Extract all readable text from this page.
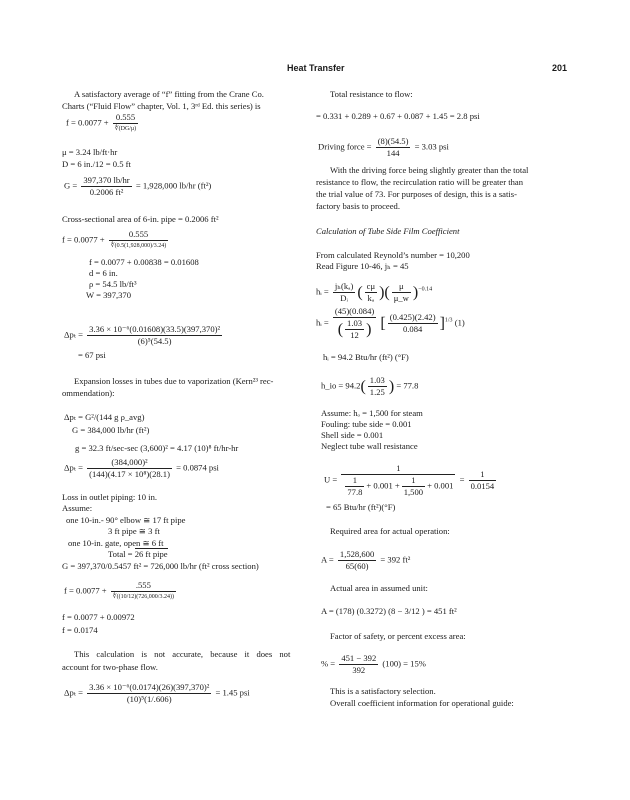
Heat Transfer	201
A satisfactory average of “f” fitting from the Crane Co.
Charts (“Fluid Flow” chapter, Vol. 1, 3ʳᵈ Ed. this series) is
$f = 0.0077 + \frac{0.555}{∜(DG/\mu)}$
μ = 3.24 lb/ft·hr
D = 6 in./12 = 0.5 ft
$G = \frac{397,370 lb/hr}{\text{0.2006 ft²}} = 1,928,000$ lb/hr (ft²)
Cross-sectional area of 6-in. pipe = 0.2006 ft²
f = 0.0077 +
0.555
∜(0.5(1,928,000)/3.24)
f = 0.0077 + 0.00838 = 0.01608
d = 6 in.
ρ = 54.5 lb/ft³
W = 397,370
$\Delta p_t = \frac{\text{3.36 × 10⁻⁶(0.01608)(33.5)(397,370)²}}{\text{(6)⁵(54.5)}}$
= 67 psi
Expansion losses in tubes due to vaporization (Kern²³ rec-
ommendation):
Δpₜ = G²/(144 g ρ_avg)
G = 384,000 lb/hr (ft²)
g = 32.3 ft/sec-sec (3,600)² = 4.17 (10)⁸ ft/hr-hr
$\Delta p_t = \frac{\text{(384,000)²}}{\text{(144)(4.17 × 10⁸)(28.1)}} = 0.0874$ psi
Loss in outlet piping: 10 in.
Assume:
one 10-in.- 90° elbow ≅ 17 ft pipe
3 ft pipe ≅ 3 ft
one 10-in. gate, open ≅ 6 ft
Total = 26 ft pipe
G = 397,370/0.5457 ft² = 726,000 lb/hr (ft² cross section)
f = 0.0077 +
.555
∜((10/12)(726,000/3.24))
f = 0.0077 + 0.00972
f = 0.0174
This calculation is not accurate, because it does not
account for two-phase flow.
$\Delta p_t = \frac{\text{3.36 × 10⁻⁶(0.0174)(26)(397,370)²}}{\text{(10)⁵(1/.606)}} = 1.45$ psi
Total resistance to flow:
= 0.331 + 0.289 + 0.67 + 0.087 + 1.45 = 2.8 psi
Driving force = $\frac{(8)(54.5)}{144} = 3.03$ psi
With the driving force being slightly greater than the total
resistance to flow, the recirculation ratio will be greater than
the trial value of 73. For purposes of design, this is a satis-
factory basis to proceed.
Calculation of Tube Side Film Coefficient
From calculated Reynold’s number = 10,200
Read Figure 10-46, jₕ = 45
hᵢ = $\frac{\text{jₕ(kₐ)}}{\text{Dᵢ}}$ ( $\frac{c\mu}{\text{kₐ}}$ )( $\frac{\mu}{\mu\_w} )^{-0.14}$
hᵢ = $\frac{(45)(0.084)}{( \frac{1.03}{12} )}$ [ $\frac{(0.425)(2.42)}{0.084} ]^{1/3}$ (1)
hᵢ = 94.2 Btu/hr (ft²) (°F)
h_io = $94.2( \frac{1.03}{1.25}$ ) = 77.8
Assume: hₒ = 1,500 for steam
Fouling: tube side = 0.001
Shell side = 0.001
Neglect tube wall resistance
$U = \frac{1}{\frac{1}{77.8} + 0.001 + \frac{1}{1,500} + 0.001} = \frac{1}{0.0154}$
= 65 Btu/hr (ft²)(°F)
Required area for actual operation:
$A = \frac{1,528,600}{65(60)} = 392$ ft²
Actual area in assumed unit:
A = (178) (0.3272) (8 − 3/12 ) = 451 ft²
Factor of safety, or percent excess area:
% = $\frac{451 - 392}{392} (100) = 15\%$
This is a satisfactory selection.
Overall coefficient information for operational guide:
